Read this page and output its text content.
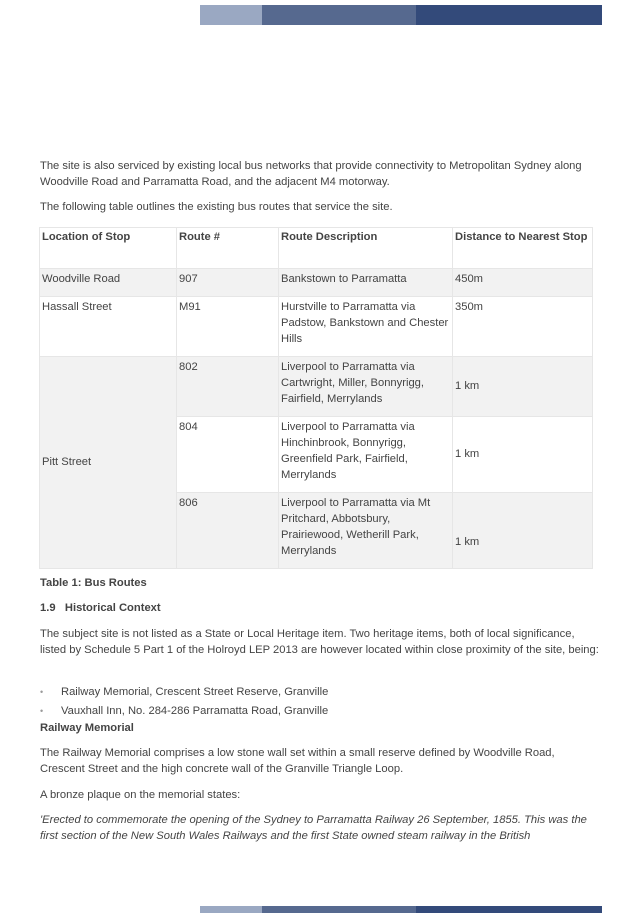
The site is also serviced by existing local bus networks that provide connectivity to Metropolitan Sydney along Woodville Road and Parramatta Road, and the adjacent M4 motorway.

The following table outlines the existing bus routes that service the site.

Location of Stop	Route #	Route Description	Distance to Nearest Stop
Woodville Road	907	Bankstown to Parramatta	450m
Hassall Street	M91	Hurstville to Parramatta via Padstow, Bankstown and Chester Hills	350m
Pitt Street	802	Liverpool to Parramatta via Cartwright, Miller, Bonnyrigg, Fairfield, Merrylands	1 km
	804	Liverpool to Parramatta via Hinchinbrook, Bonnyrigg, Greenfield Park, Fairfield, Merrylands	1 km
	806	Liverpool to Parramatta via Mt Pritchard, Abbotsbury, Prairiewood, Wetherill Park, Merrylands	1 km

Table 1: Bus Routes

1.9 Historical Context

The subject site is not listed as a State or Local Heritage item. Two heritage items, both of local significance, listed by Schedule 5 Part 1 of the Holroyd LEP 2013 are however located within close proximity of the site, being:

• Railway Memorial, Crescent Street Reserve, Granville
• Vauxhall Inn, No. 284-286 Parramatta Road, Granville

Railway Memorial

The Railway Memorial comprises a low stone wall set within a small reserve defined by Woodville Road, Crescent Street and the high concrete wall of the Granville Triangle Loop.

A bronze plaque on the memorial states:

'Erected to commemorate the opening of the Sydney to Parramatta Railway 26 September, 1855. This was the first section of the New South Wales Railways and the first State owned steam railway in the British
